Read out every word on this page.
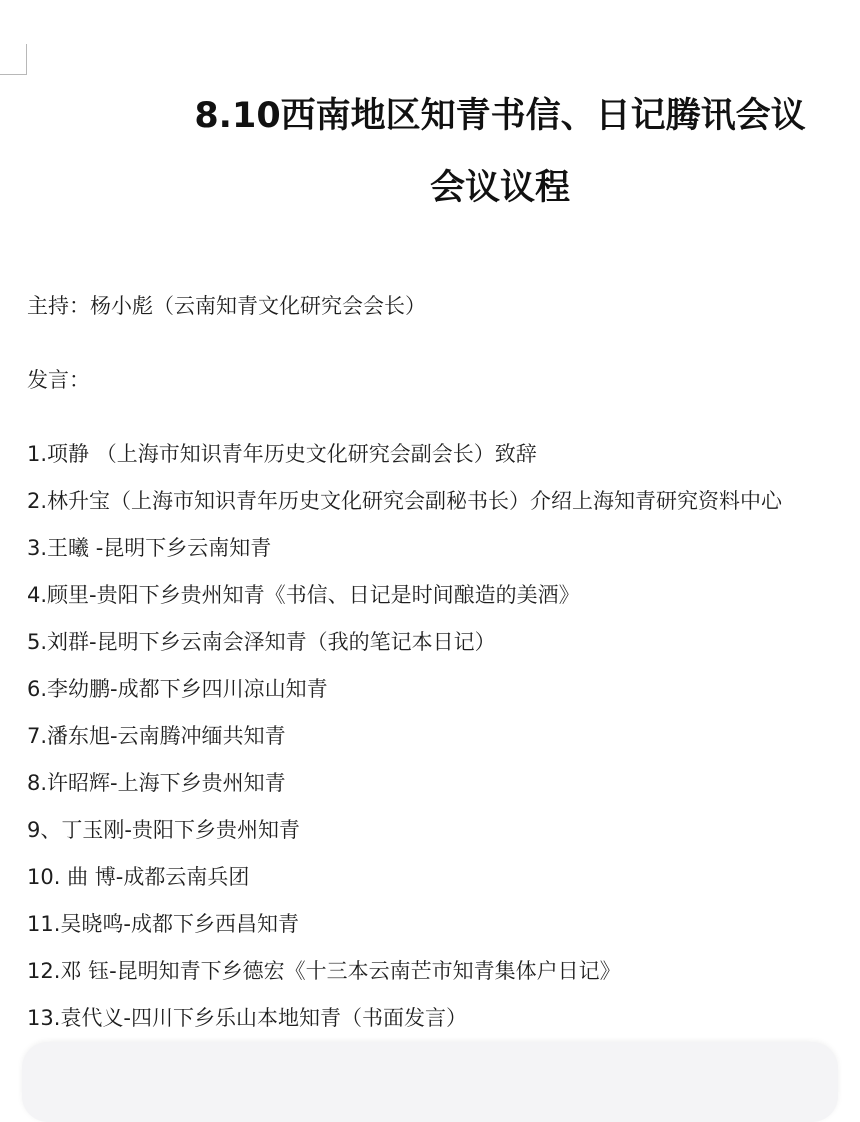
8.10西南地区知青书信、日记腾讯会议
会议议程
主持：杨小彪（云南知青文化研究会会长）
发言：
1.项静 （上海市知识青年历史文化研究会副会长）致辞
2.林升宝（上海市知识青年历史文化研究会副秘书长）介绍上海知青研究资料中心
3.王曦 -昆明下乡云南知青
4.顾里-贵阳下乡贵州知青《书信、日记是时间酿造的美酒》
5.刘群-昆明下乡云南会泽知青（我的笔记本日记）
6.李幼鹏-成都下乡四川凉山知青
7.潘东旭-云南腾冲缅共知青
8.许昭辉-上海下乡贵州知青
9、丁玉刚-贵阳下乡贵州知青
10. 曲 博-成都云南兵团
11.吴晓鸣-成都下乡西昌知青
12.邓 钰-昆明知青下乡德宏《十三本云南芒市知青集体户日记》
13.袁代义-四川下乡乐山本地知青（书面发言）
